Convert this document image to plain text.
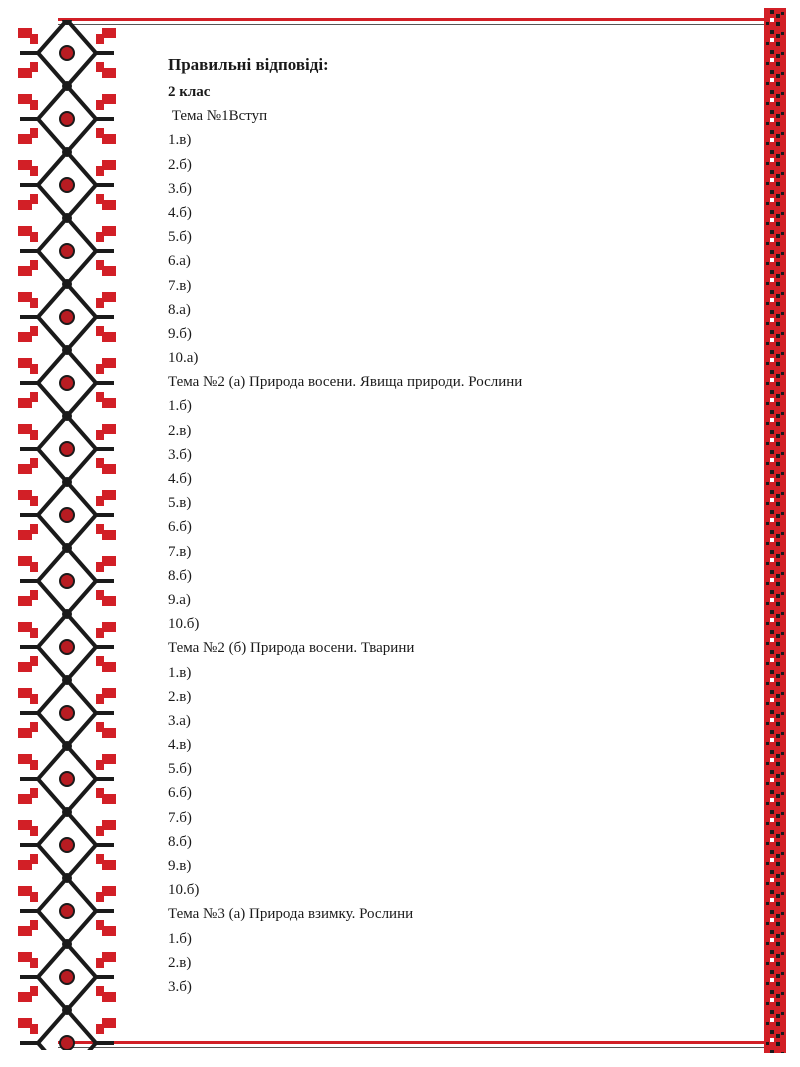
Правильні відповіді:
2 клас
Тема №1Вступ
1.в)
2.б)
3.б)
4.б)
5.б)
6.а)
7.в)
8.а)
9.б)
10.а)
Тема №2 (а) Природа восени. Явища природи. Рослини
1.б)
2.в)
3.б)
4.б)
5.в)
6.б)
7.в)
8.б)
9.а)
10.б)
Тема №2 (б) Природа восени. Тварини
1.в)
2.в)
3.а)
4.в)
5.б)
6.б)
7.б)
8.б)
9.в)
10.б)
Тема №3 (а) Природа взимку. Рослини
1.б)
2.в)
3.б)
